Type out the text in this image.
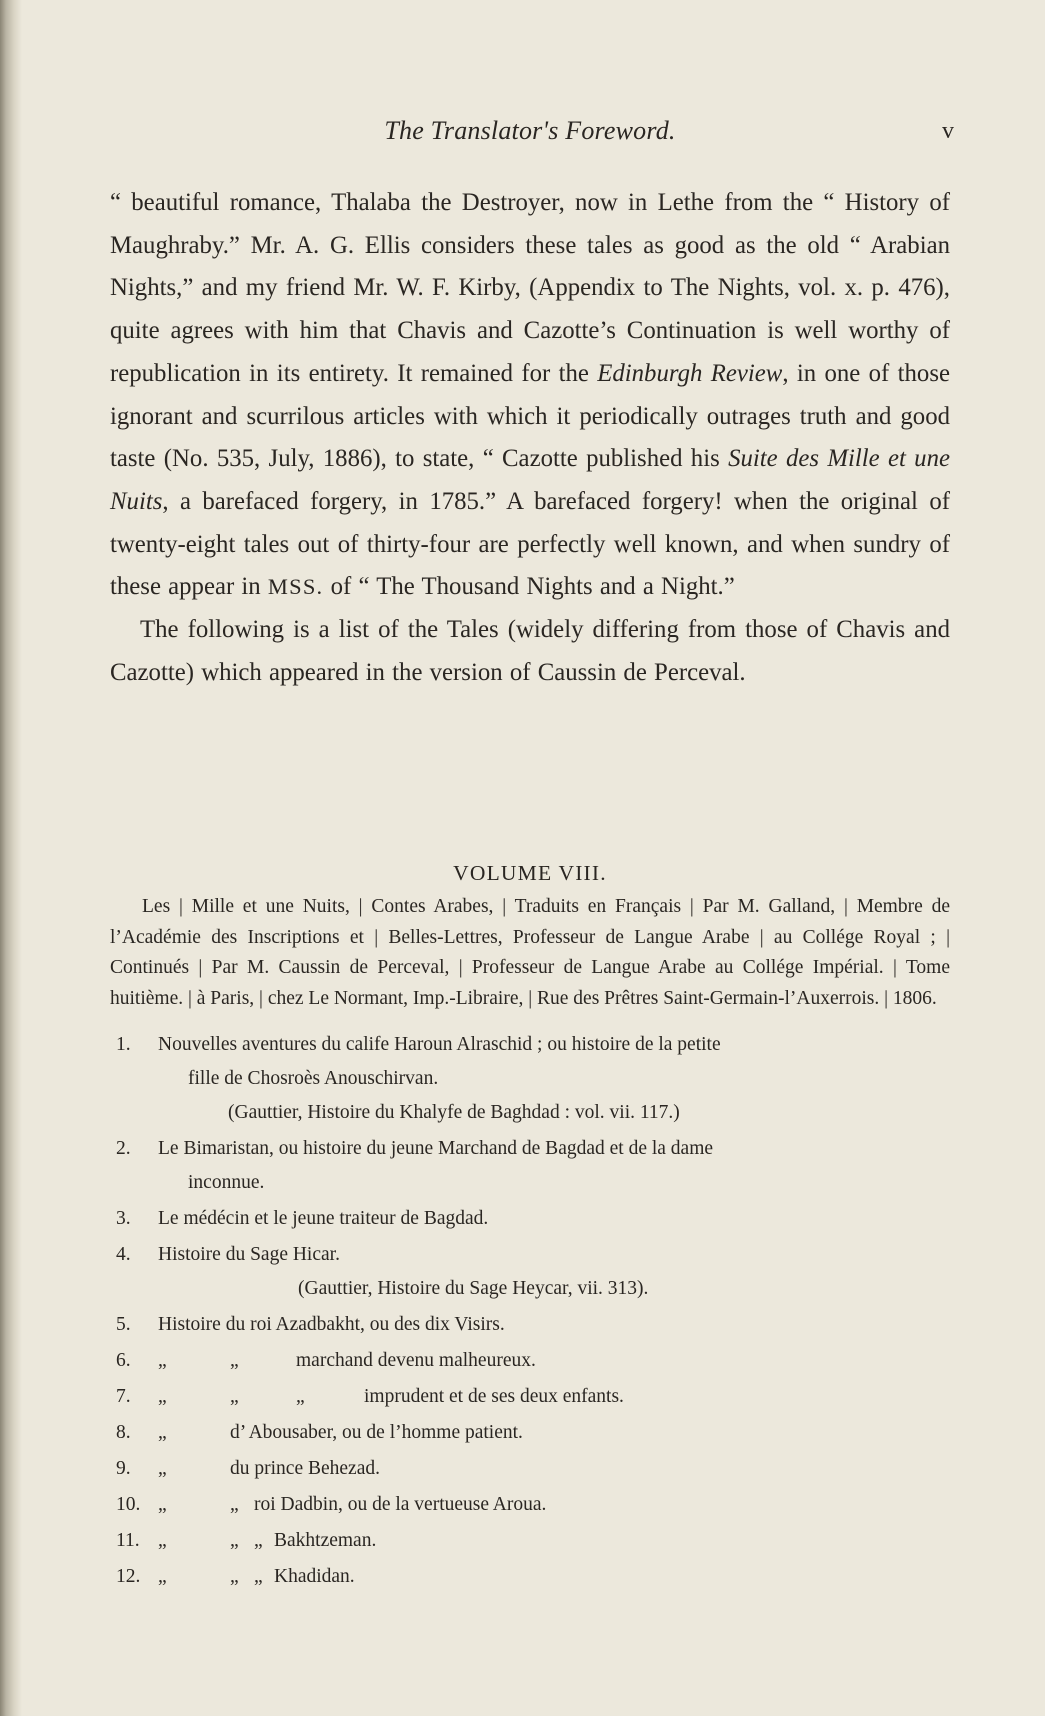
The Translator's Foreword.	v

“ beautiful romance, Thalaba the Destroyer, now in Lethe from the “ History of Maughraby.” Mr. A. G. Ellis considers these tales as good as the old “ Arabian Nights,” and my friend Mr. W. F. Kirby, (Appendix to The Nights, vol. x. p. 476), quite agrees with him that Chavis and Cazotte’s Continuation is well worthy of republication in its entirety. It remained for the Edinburgh Review, in one of those ignorant and scurrilous articles with which it periodically outrages truth and good taste (No. 535, July, 1886), to state, “ Cazotte published his Suite des Mille et une Nuits, a barefaced forgery, in 1785.” A barefaced forgery! when the original of twenty-eight tales out of thirty-four are perfectly well known, and when sundry of these appear in MSS. of “ The Thousand Nights and a Night.”

The following is a list of the Tales (widely differing from those of Chavis and Cazotte) which appeared in the version of Caussin de Perceval.

VOLUME VIII.

Les | Mille et une Nuits, | Contes Arabes, | Traduits en Français | Par M. Galland, | Membre de l’Académie des Inscriptions et | Belles-Lettres, Professeur de Langue Arabe | au Collége Royal ; | Continués | Par M. Caussin de Perceval, | Professeur de Langue Arabe au Collége Impérial. | Tome huitième. | à Paris, | chez Le Normant, Imp.-Libraire, | Rue des Prêtres Saint-Germain-l’Auxerrois. | 1806.

1.	Nouvelles aventures du calife Haroun Alraschid ; ou histoire de la petite
fille de Chosroès Anouschirvan.
(Gauttier, Histoire du Khalyfe de Baghdad : vol. vii. 117.)
2.	Le Bimaristan, ou histoire du jeune Marchand de Bagdad et de la dame
inconnue.
3.	Le médécin et le jeune traiteur de Bagdad.
4.	Histoire du Sage Hicar.
(Gauttier, Histoire du Sage Heycar, vii. 313).
5.	Histoire du roi Azadbakht, ou des dix Visirs.
6.	„	„	marchand devenu malheureux.
7.	„	„	„	imprudent et de ses deux enfants.
8.	„	d’ Abousaber, ou de l’homme patient.
9.	„	du prince Behezad.
10. „	„ roi Dadbin, ou de la vertueuse Aroua.
11. „	„ „ Bakhtzeman.
12. „	„ „ Khadidan.
